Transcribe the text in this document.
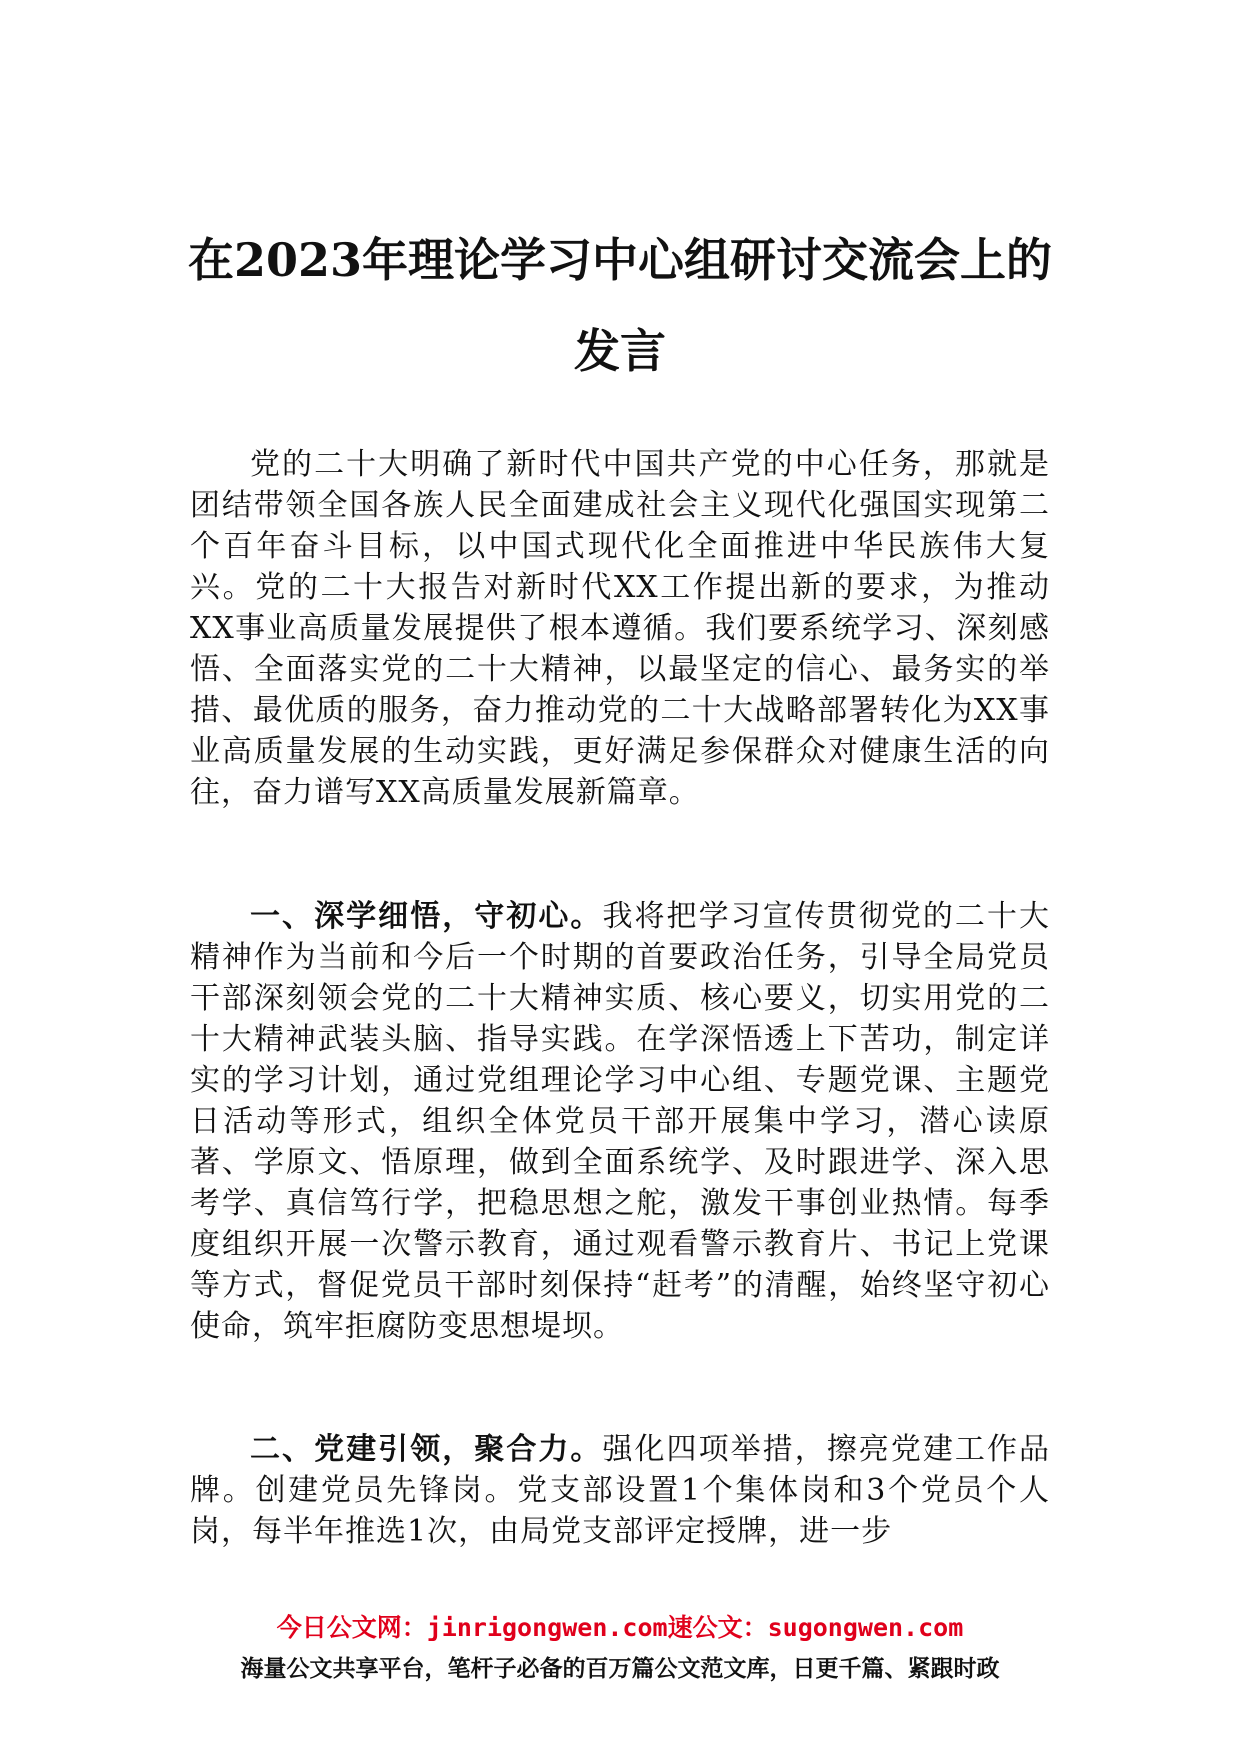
在2023年理论学习中心组研讨交流会上的
发言

党的二十大明确了新时代中国共产党的中心任务，那就是团结带领全国各族人民全面建成社会主义现代化强国实现第二个百年奋斗目标，以中国式现代化全面推进中华民族伟大复兴。党的二十大报告对新时代XX工作提出新的要求，为推动XX事业高质量发展提供了根本遵循。我们要系统学习、深刻感悟、全面落实党的二十大精神，以最坚定的信心、最务实的举措、最优质的服务，奋力推动党的二十大战略部署转化为XX事业高质量发展的生动实践，更好满足参保群众对健康生活的向往，奋力谱写XX高质量发展新篇章。

一、深学细悟，守初心。我将把学习宣传贯彻党的二十大精神作为当前和今后一个时期的首要政治任务，引导全局党员干部深刻领会党的二十大精神实质、核心要义，切实用党的二十大精神武装头脑、指导实践。在学深悟透上下苦功，制定详实的学习计划，通过党组理论学习中心组、专题党课、主题党日活动等形式，组织全体党员干部开展集中学习，潜心读原著、学原文、悟原理，做到全面系统学、及时跟进学、深入思考学、真信笃行学，把稳思想之舵，激发干事创业热情。每季度组织开展一次警示教育，通过观看警示教育片、书记上党课等方式，督促党员干部时刻保持“赶考”的清醒，始终坚守初心使命，筑牢拒腐防变思想堤坝。

二、党建引领，聚合力。强化四项举措，擦亮党建工作品牌。创建党员先锋岗。党支部设置1个集体岗和3个党员个人岗，每半年推选1次，由局党支部评定授牌，进一步

今日公文网：jinrigongwen.com速公文：sugongwen.com

海量公文共享平台，笔杆子必备的百万篇公文范文库，日更千篇、紧跟时政
